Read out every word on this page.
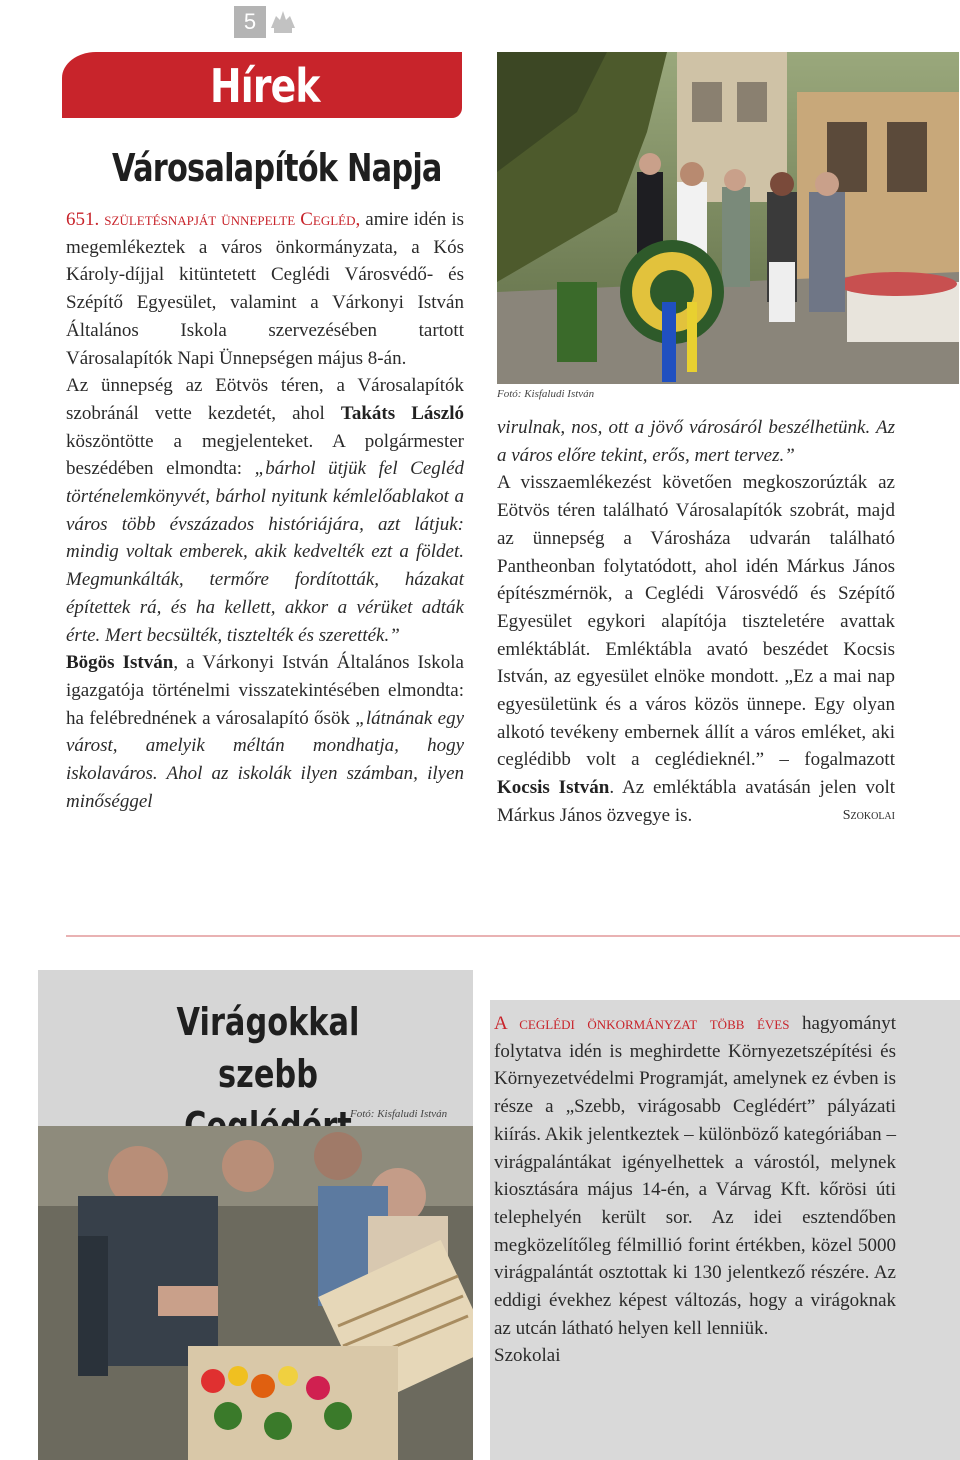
5
Hírek
Városalapítók Napja

651. születésnapját ünnepelte Cegléd, amire idén is megemlékeztek a város önkormányzata, a Kós Károly-díjjal kitüntetett Ceglédi Városvédő- és Szépítő Egyesület, valamint a Várkonyi István Általános Iskola szervezésében tartott Városalapítók Napi Ünnepségen május 8-án.

Az ünnepség az Eötvös téren, a Városalapítók szobránál vette kezdetét, ahol Takáts László köszöntötte a megjelenteket. A polgármester beszédében elmondta: „bárhol ütjük fel Cegléd történelemkönyvét, bárhol nyitunk kémlelőablakot a város több évszázados históriájára, azt látjuk: mindig voltak emberek, akik kedvelték ezt a földet. Megmunkálták, termőre fordították, házakat építettek rá, és ha kellett, akkor a vérüket adták érte. Mert becsülték, tisztelték és szerették.”

Bögös István, a Várkonyi István Általános Iskola igazgatója történelmi visszatekintésében elmondta: ha felébrednének a városalapító ősök „látnának egy várost, amelyik méltán mondhatja, hogy iskolaváros. Ahol az iskolák ilyen számban, ilyen minőséggel

Fotó: Kisfaludi István

virulnak, nos, ott a jövő városáról beszélhetünk. Az a város előre tekint, erős, mert tervez.”

A visszaemlékezést követően megkoszorúzták az Eötvös téren található Városalapítók szobrát, majd az ünnepség a Városháza udvarán található Pantheonban folytatódott, ahol idén Márkus János építészmérnök, a Ceglédi Városvédő és Szépítő Egyesület egykori alapítója tiszteletére avattak emléktáblát. Emléktábla avató beszédet Kocsis István, az egyesület elnöke mondott. „Ez a mai nap egyesületünk és a város közös ünnepe. Egy olyan alkotó tevékeny embernek állít a város emléket, aki ceglédibb volt a ceglédieknél.” – fogalmazott Kocsis István. Az emléktábla avatásán jelen volt Márkus János özvegye is.	Szokolai

Virágokkal szebb
Fotó: Kisfaludi István

A ceglédi önkormányzat több éves hagyományt folytatva idén is meghirdette Környezetszépítési és Környezetvédelmi Programját, amelynek ez évben is része a „Szebb, virágosabb Ceglédért” pályázati kiírás. Akik jelentkeztek – különböző kategóriában – virágpalántákat igényelhettek a várostól, melynek kiosztására május 14-én, a Várvag Kft. kőrösi úti telephelyén került sor. Az idei esztendőben megközelítőleg félmillió forint értékben, közel 5000 virágpalántát osztottak ki 130 jelentkező részére. Az eddigi évekhez képest változás, hogy a virágoknak az utcán látható helyen kell lenniük.

Szokolai
